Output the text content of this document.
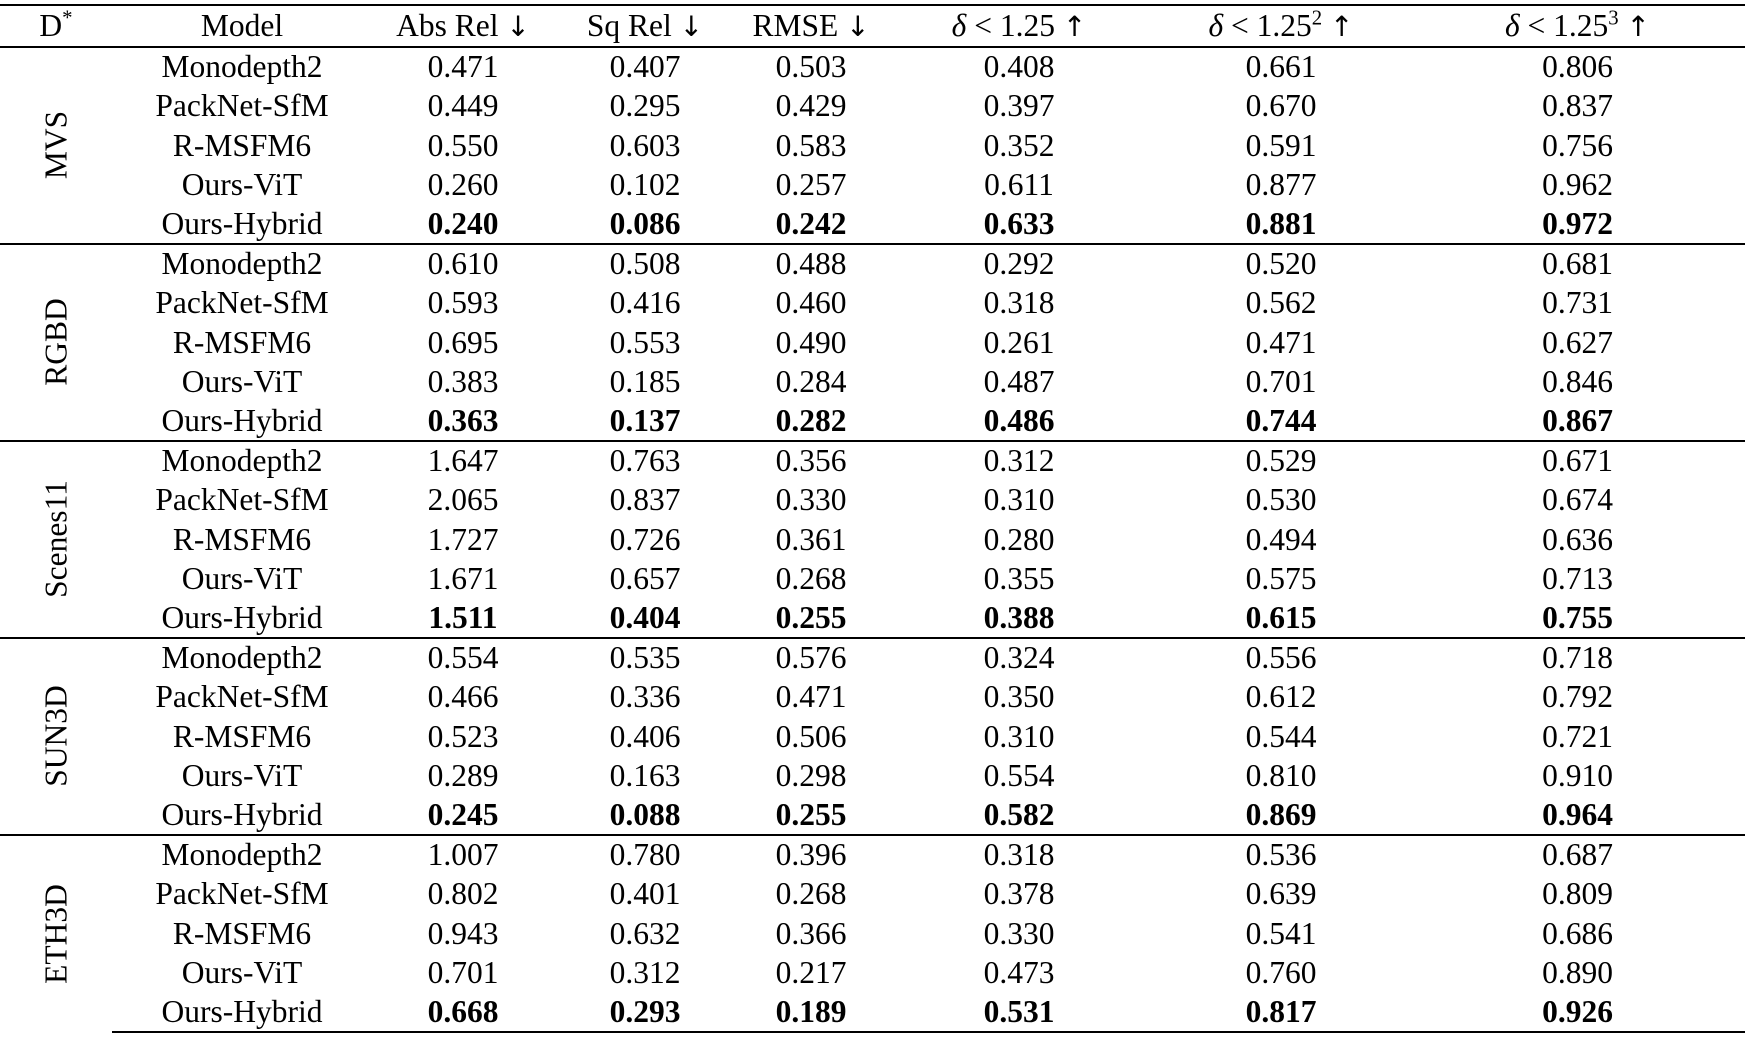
D*	Model	Abs Rel ↓	Sq Rel ↓	RMSE ↓	δ < 1.25 ↑	$\delta < 1.25^2$ ↑	$\delta < 1.25^3$ ↑

MVS	Monodepth2	0.471	0.407	0.503	0.408	0.661	0.806
	PackNet-SfM	0.449	0.295	0.429	0.397	0.670	0.837
	R-MSFM6	0.550	0.603	0.583	0.352	0.591	0.756
	Ours-ViT	0.260	0.102	0.257	0.611	0.877	0.962
	Ours-Hybrid	0.240	0.086	0.242	0.633	0.881	0.972

RGBD	Monodepth2	0.610	0.508	0.488	0.292	0.520	0.681
	PackNet-SfM	0.593	0.416	0.460	0.318	0.562	0.731
	R-MSFM6	0.695	0.553	0.490	0.261	0.471	0.627
	Ours-ViT	0.383	0.185	0.284	0.487	0.701	0.846
	Ours-Hybrid	0.363	0.137	0.282	0.486	0.744	0.867

Scenes11	Monodepth2	1.647	0.763	0.356	0.312	0.529	0.671
	PackNet-SfM	2.065	0.837	0.330	0.310	0.530	0.674
	R-MSFM6	1.727	0.726	0.361	0.280	0.494	0.636
	Ours-ViT	1.671	0.657	0.268	0.355	0.575	0.713
	Ours-Hybrid	1.511	0.404	0.255	0.388	0.615	0.755

SUN3D	Monodepth2	0.554	0.535	0.576	0.324	0.556	0.718
	PackNet-SfM	0.466	0.336	0.471	0.350	0.612	0.792
	R-MSFM6	0.523	0.406	0.506	0.310	0.544	0.721
	Ours-ViT	0.289	0.163	0.298	0.554	0.810	0.910
	Ours-Hybrid	0.245	0.088	0.255	0.582	0.869	0.964

ETH3D	Monodepth2	1.007	0.780	0.396	0.318	0.536	0.687
	PackNet-SfM	0.802	0.401	0.268	0.378	0.639	0.809
	R-MSFM6	0.943	0.632	0.366	0.330	0.541	0.686
	Ours-ViT	0.701	0.312	0.217	0.473	0.760	0.890
	Ours-Hybrid	0.668	0.293	0.189	0.531	0.817	0.926
